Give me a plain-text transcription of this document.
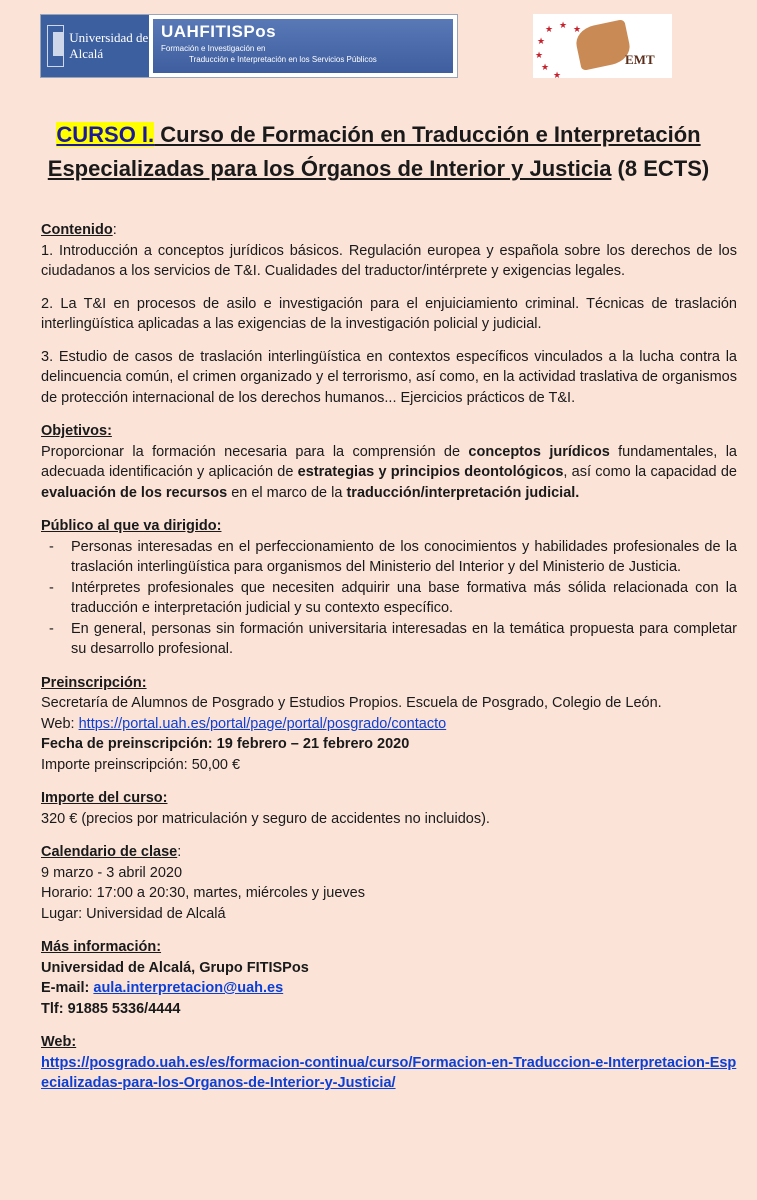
Universidad de Alcalá
UAHFITISPos
Formación e Investigación en
Traducción e Interpretación en los Servicios Públicos
★ ★
★
★
★
★
★
EMT
CURSO I. Curso de Formación en Traducción e Interpretación Especializadas para los Órganos de Interior y Justicia (8 ECTS)
Contenido:
1. Introducción a conceptos jurídicos básicos. Regulación europea y española sobre los derechos de los ciudadanos a los servicios de T&I. Cualidades del traductor/intérprete y exigencias legales.
2. La T&I en procesos de asilo e investigación para el enjuiciamiento criminal. Técnicas de traslación interlingüística aplicadas a las exigencias de la investigación policial y judicial.
3. Estudio de casos de traslación interlingüística en contextos específicos vinculados a la lucha contra la delincuencia común, el crimen organizado y el terrorismo, así como, en la actividad traslativa de organismos de protección internacional de los derechos humanos... Ejercicios prácticos de T&I.
Objetivos:
Proporcionar la formación necesaria para la comprensión de conceptos jurídicos fundamentales, la adecuada identificación y aplicación de estrategias y principios deontológicos, así como la capacidad de evaluación de los recursos en el marco de la traducción/interpretación judicial.
Público al que va dirigido:
- Personas interesadas en el perfeccionamiento de los conocimientos y habilidades profesionales de la traslación interlingüística para organismos del Ministerio del Interior y del Ministerio de Justicia.
- Intérpretes profesionales que necesiten adquirir una base formativa más sólida relacionada con la traducción e interpretación judicial y su contexto específico.
- En general, personas sin formación universitaria interesadas en la temática propuesta para completar su desarrollo profesional.
Preinscripción:
Secretaría de Alumnos de Posgrado y Estudios Propios. Escuela de Posgrado, Colegio de León.
Web: https://portal.uah.es/portal/page/portal/posgrado/contacto
Fecha de preinscripción: 19 febrero – 21 febrero 2020
Importe preinscripción: 50,00 €
Importe del curso:
320 € (precios por matriculación y seguro de accidentes no incluidos).
Calendario de clase:
9 marzo - 3 abril 2020
Horario: 17:00 a 20:30, martes, miércoles y jueves
Lugar: Universidad de Alcalá
Más información:
Universidad de Alcalá, Grupo FITISPos
E-mail: aula.interpretacion@uah.es
Tlf: 91885 5336/4444
Web:
https://posgrado.uah.es/es/formacion-continua/curso/Formacion-en-Traduccion-e-Interpretacion-Especializadas-para-los-Organos-de-Interior-y-Justicia/
